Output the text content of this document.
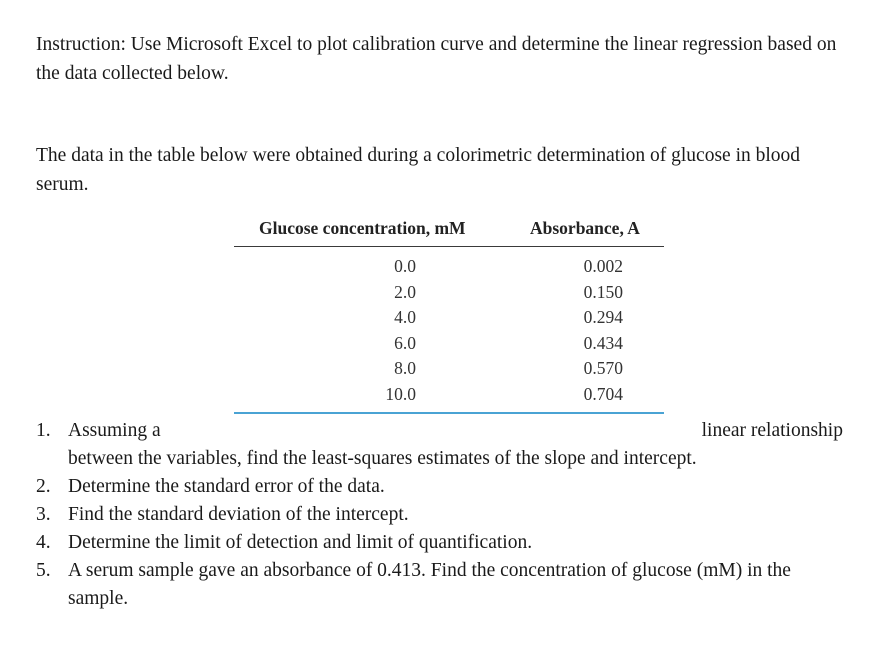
Instruction: Use Microsoft Excel to plot calibration curve and determine the linear regression based on the data collected below.

The data in the table below were obtained during a colorimetric determination of glucose in blood serum.

Glucose concentration, mM	Absorbance, A
0.0
2.0
4.0
6.0
8.0
10.0
0.002
0.150
0.294
0.434
0.570
0.704
1. Assuming a	linear relationship between the variables, find the least-squares estimates of the slope and intercept.
2. Determine the standard error of the data.
3. Find the standard deviation of the intercept.
4. Determine the limit of detection and limit of quantification.
5. A serum sample gave an absorbance of 0.413. Find the concentration of glucose (mM) in the sample.
